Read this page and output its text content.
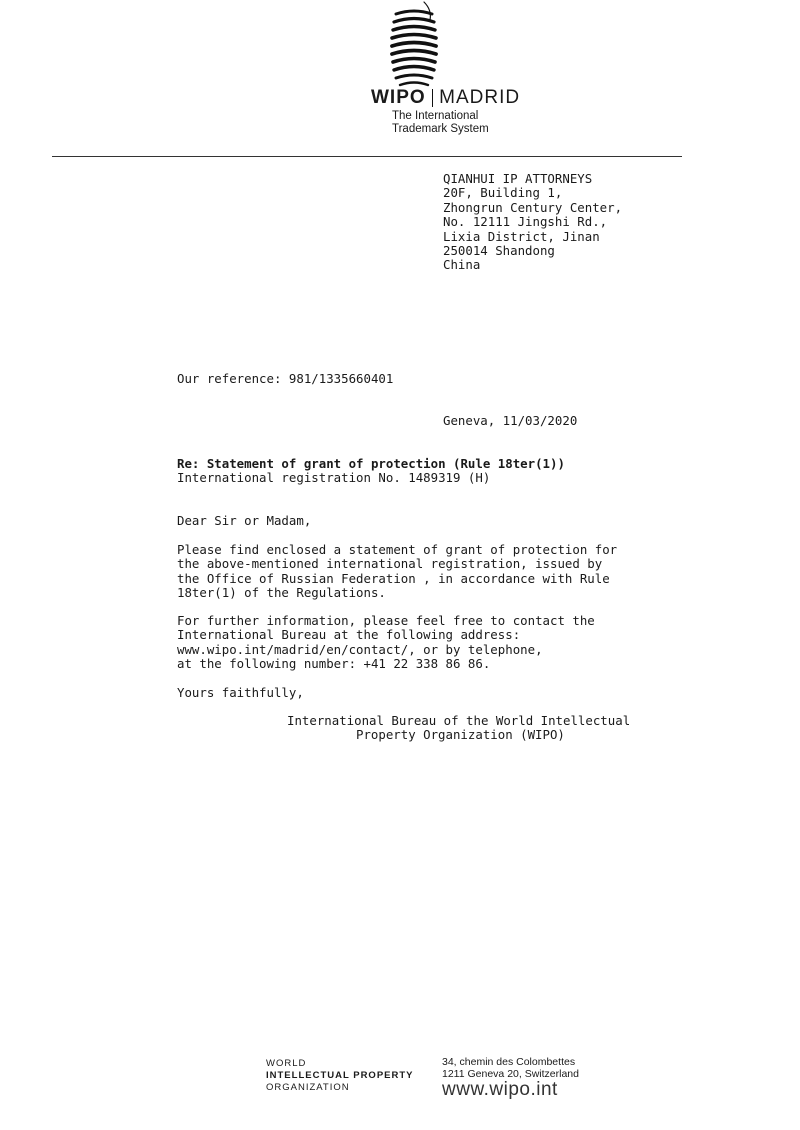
WIPO MADRID
The International
Trademark System
QIANHUI IP ATTORNEYS
20F, Building 1,
Zhongrun Century Center,
No. 12111 Jingshi Rd.,
Lixia District, Jinan
250014 Shandong
China
Our reference: 981/1335660401
Geneva, 11/03/2020
Re: Statement of grant of protection (Rule 18ter(1))
International registration No. 1489319 (H)
Dear Sir or Madam,
Please find enclosed a statement of grant of protection for
the above-mentioned international registration, issued by
the Office of Russian Federation , in accordance with Rule
18ter(1) of the Regulations.
For further information, please feel free to contact the
International Bureau at the following address:
www.wipo.int/madrid/en/contact/, or by telephone,
at the following number: +41 22 338 86 86.
Yours faithfully,
International Bureau of the World Intellectual
Property Organization (WIPO)
WORLD
INTELLECTUAL PROPERTY
ORGANIZATION
34, chemin des Colombettes
1211 Geneva 20, Switzerland
www.wipo.int
